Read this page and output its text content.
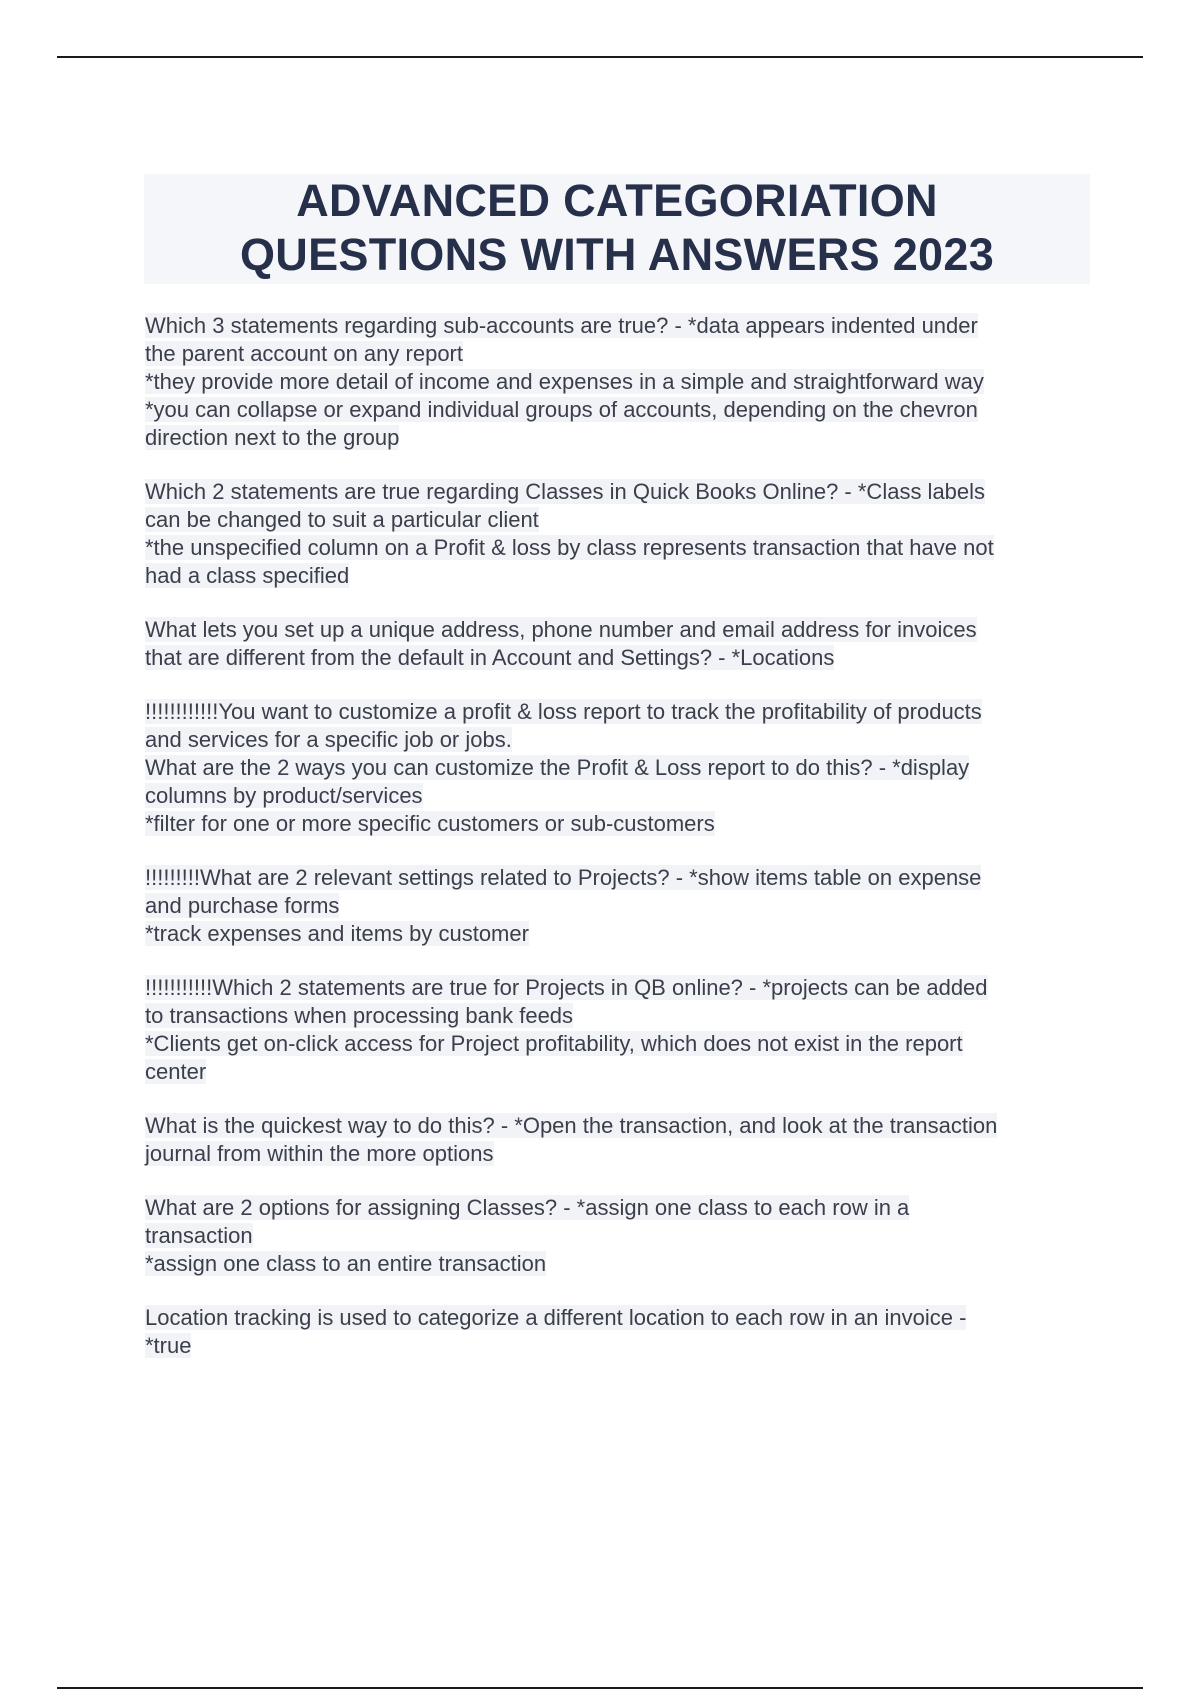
ADVANCED CATEGORIATION
QUESTIONS WITH ANSWERS 2023
Which 3 statements regarding sub-accounts are true? - *data appears indented under
the parent account on any report
*they provide more detail of income and expenses in a simple and straightforward way
*you can collapse or expand individual groups of accounts, depending on the chevron
direction next to the group
Which 2 statements are true regarding Classes in Quick Books Online? - *Class labels
can be changed to suit a particular client
*the unspecified column on a Profit & loss by class represents transaction that have not
had a class specified
What lets you set up a unique address, phone number and email address for invoices
that are different from the default in Account and Settings? - *Locations
!!!!!!!!!!!!You want to customize a profit & loss report to track the profitability of products
and services for a specific job or jobs.
What are the 2 ways you can customize the Profit & Loss report to do this? - *display
columns by product/services
*filter for one or more specific customers or sub-customers
!!!!!!!!!What are 2 relevant settings related to Projects? - *show items table on expense
and purchase forms
*track expenses and items by customer
!!!!!!!!!!!Which 2 statements are true for Projects in QB online? - *projects can be added
to transactions when processing bank feeds
*Clients get on-click access for Project profitability, which does not exist in the report
center
What is the quickest way to do this? - *Open the transaction, and look at the transaction
journal from within the more options
What are 2 options for assigning Classes? - *assign one class to each row in a
transaction
*assign one class to an entire transaction
Location tracking is used to categorize a different location to each row in an invoice -
*true
